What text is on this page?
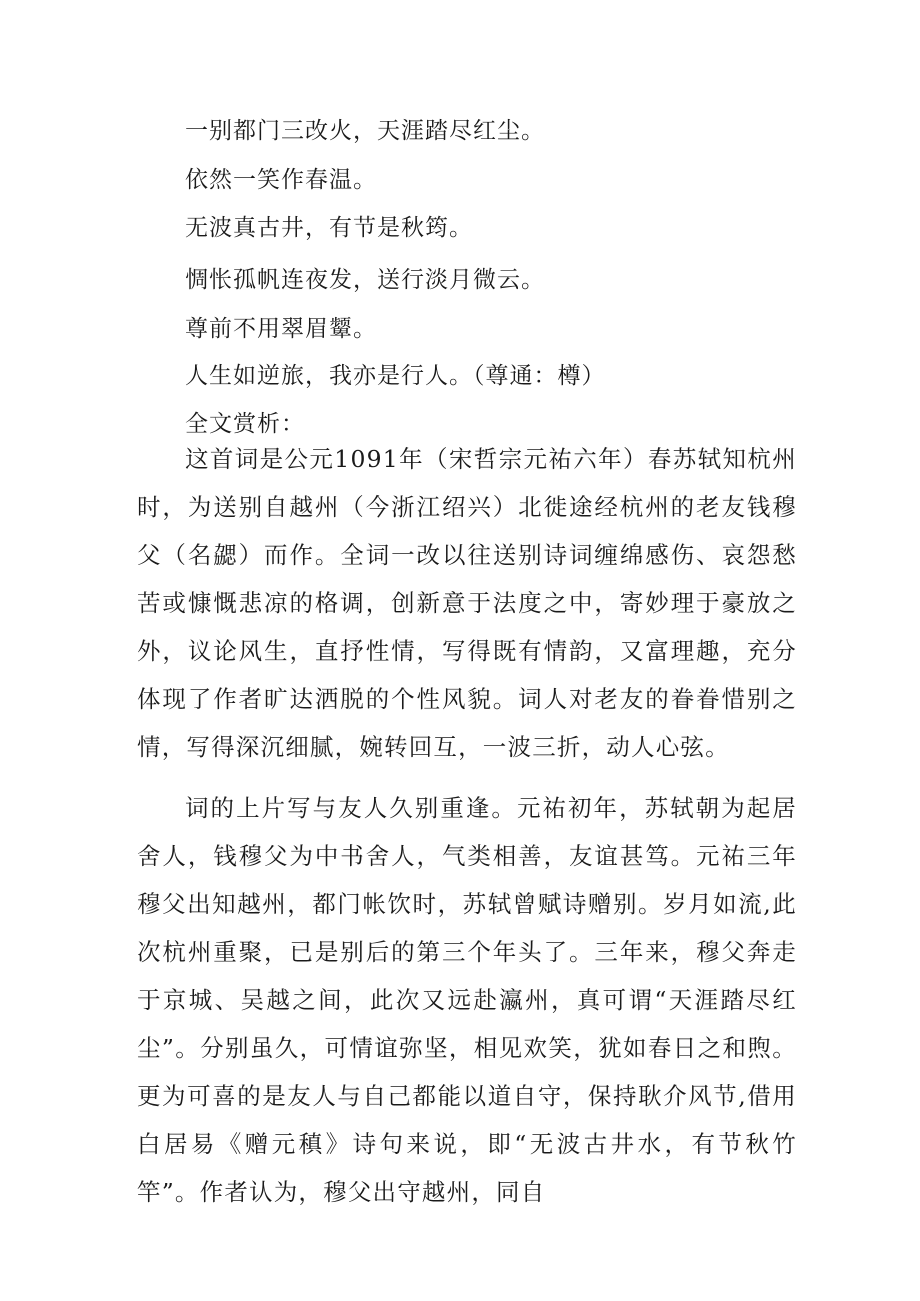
一别都门三改火，天涯踏尽红尘。
依然一笑作春温。
无波真古井，有节是秋筠。
惆怅孤帆连夜发，送行淡月微云。
尊前不用翠眉颦。
人生如逆旅，我亦是行人。（尊通：樽）
全文赏析：

这首词是公元1091年（宋哲宗元祐六年）春苏轼知杭州时，为送别自越州（今浙江绍兴）北徙途经杭州的老友钱穆父（名勰）而作。全词一改以往送别诗词缠绵感伤、哀怨愁苦或慷慨悲凉的格调，创新意于法度之中，寄妙理于豪放之外，议论风生，直抒性情，写得既有情韵，又富理趣，充分体现了作者旷达洒脱的个性风貌。词人对老友的眷眷惜别之情，写得深沉细腻，婉转回互，一波三折，动人心弦。

词的上片写与友人久别重逢。元祐初年，苏轼朝为起居舍人，钱穆父为中书舍人，气类相善，友谊甚笃。元祐三年穆父出知越州，都门帐饮时，苏轼曾赋诗赠别。岁月如流,此次杭州重聚，已是别后的第三个年头了。三年来，穆父奔走于京城、吴越之间，此次又远赴瀛州，真可谓“天涯踏尽红尘”。分别虽久，可情谊弥坚，相见欢笑，犹如春日之和煦。更为可喜的是友人与自己都能以道自守，保持耿介风节,借用白居易《赠元稹》诗句来说，即“无波古井水，有节秋竹竿”。作者认为，穆父出守越州，同自
